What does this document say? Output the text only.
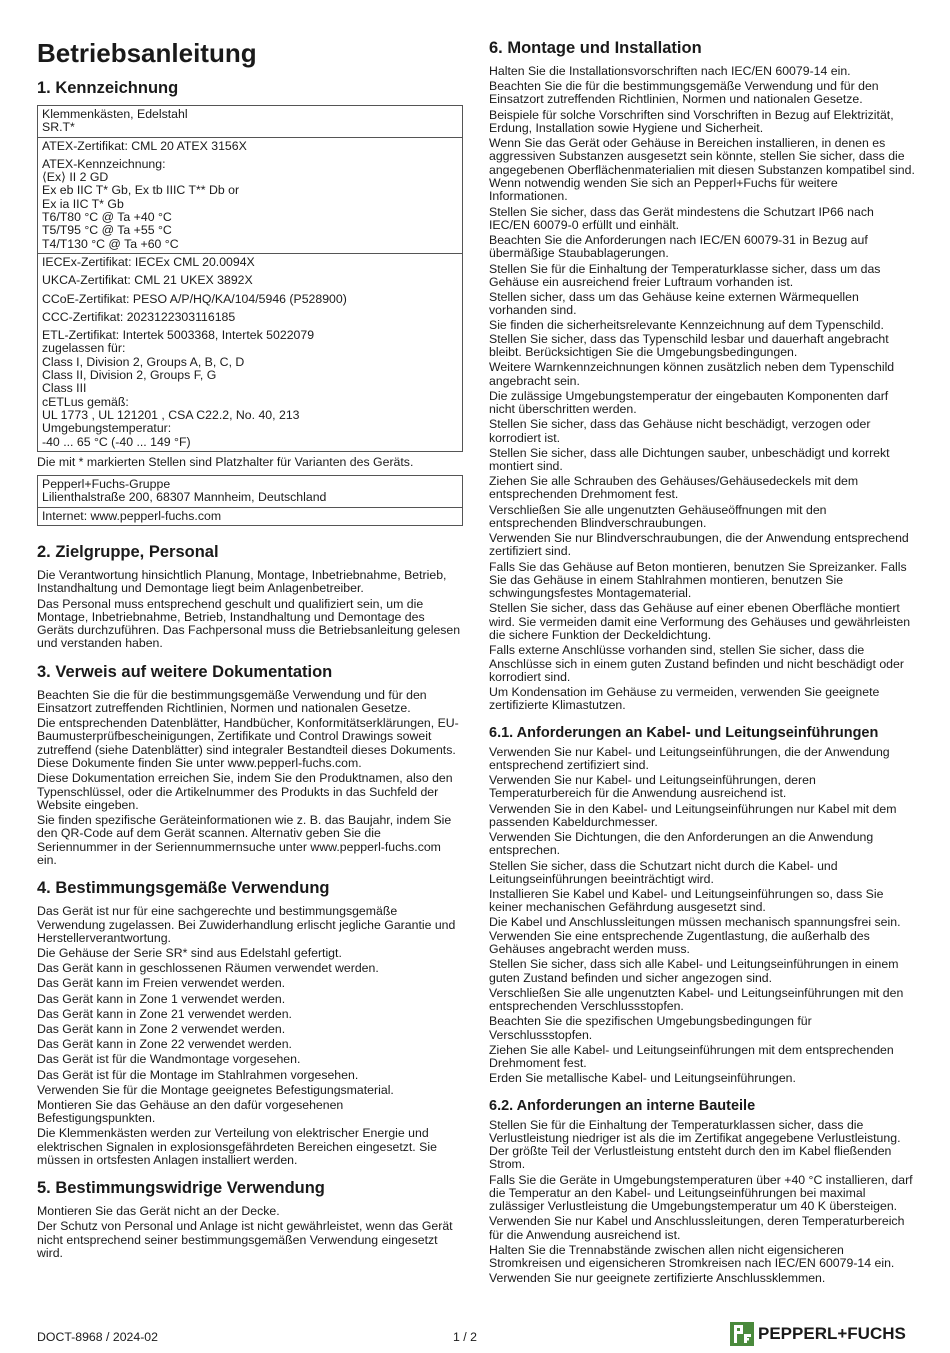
Betriebsanleitung
1. Kennzeichnung
Klemmenkästen, Edelstahl
SR.T*

ATEX-Zertifikat: CML 20 ATEX 3156X
ATEX-Kennzeichnung:
⟨Ex⟩ II 2 GD
Ex eb IIC T* Gb, Ex tb IIIC T** Db or
Ex ia IIC T* Gb
T6/T80 °C @ Ta +40 °C
T5/T95 °C @ Ta +55 °C
T4/T130 °C @ Ta +60 °C

IECEx-Zertifikat: IECEx CML 20.0094X
UKCA-Zertifikat: CML 21 UKEX 3892X
CCoE-Zertifikat: PESO A/P/HQ/KA/104/5946 (P528900)
CCC-Zertifikat: 2023122303116185
ETL-Zertifikat: Intertek 5003368, Intertek 5022079
zugelassen für:
Class I, Division 2, Groups A, B, C, D
Class II, Division 2, Groups F, G
Class III
cETLus gemäß:
UL 1773 , UL 121201 , CSA C22.2, No. 40, 213
Umgebungstemperatur:
-40 ... 65 °C (-40 ... 149 °F)
Die mit * markierten Stellen sind Platzhalter für Varianten des Geräts.
Pepperl+Fuchs-Gruppe
Lilienthalstraße 200, 68307 Mannheim, Deutschland

Internet: www.pepperl-fuchs.com
2. Zielgruppe, Personal

Die Verantwortung hinsichtlich Planung, Montage, Inbetriebnahme, Betrieb, Instandhaltung und Demontage liegt beim Anlagenbetreiber.

Das Personal muss entsprechend geschult und qualifiziert sein, um die Montage, Inbetriebnahme, Betrieb, Instandhaltung und Demontage des Geräts durchzuführen. Das Fachpersonal muss die Betriebsanleitung gelesen und verstanden haben.

3. Verweis auf weitere Dokumentation

Beachten Sie die für die bestimmungsgemäße Verwendung und für den Einsatzort zutreffenden Richtlinien, Normen und nationalen Gesetze.

Die entsprechenden Datenblätter, Handbücher, Konformitätserklärungen, EU-Baumusterprüfbescheinigungen, Zertifikate und Control Drawings soweit zutreffend (siehe Datenblätter) sind integraler Bestandteil dieses Dokuments. Diese Dokumente finden Sie unter www.pepperl-fuchs.com.

Diese Dokumentation erreichen Sie, indem Sie den Produktnamen, also den Typenschlüssel, oder die Artikelnummer des Produkts in das Suchfeld der Website eingeben.

Sie finden spezifische Geräteinformationen wie z. B. das Baujahr, indem Sie den QR-Code auf dem Gerät scannen. Alternativ geben Sie die Seriennummer in der Seriennummernsuche unter www.pepperl-fuchs.com ein.

4. Bestimmungsgemäße Verwendung

Das Gerät ist nur für eine sachgerechte und bestimmungsgemäße Verwendung zugelassen. Bei Zuwiderhandlung erlischt jegliche Garantie und Herstellerverantwortung.

Die Gehäuse der Serie SR* sind aus Edelstahl gefertigt.

Das Gerät kann in geschlossenen Räumen verwendet werden.

Das Gerät kann im Freien verwendet werden.

Das Gerät kann in Zone 1 verwendet werden.

Das Gerät kann in Zone 21 verwendet werden.

Das Gerät kann in Zone 2 verwendet werden.

Das Gerät kann in Zone 22 verwendet werden.

Das Gerät ist für die Wandmontage vorgesehen.

Das Gerät ist für die Montage im Stahlrahmen vorgesehen.

Verwenden Sie für die Montage geeignetes Befestigungsmaterial.

Montieren Sie das Gehäuse an den dafür vorgesehenen Befestigungspunkten.

Die Klemmenkästen werden zur Verteilung von elektrischer Energie und elektrischen Signalen in explosionsgefährdeten Bereichen eingesetzt. Sie müssen in ortsfesten Anlagen installiert werden.

5. Bestimmungswidrige Verwendung

Montieren Sie das Gerät nicht an der Decke.

Der Schutz von Personal und Anlage ist nicht gewährleistet, wenn das Gerät nicht entsprechend seiner bestimmungsgemäßen Verwendung eingesetzt wird.

6. Montage und Installation

Halten Sie die Installationsvorschriften nach IEC/EN 60079-14 ein.

Beachten Sie die für die bestimmungsgemäße Verwendung und für den Einsatzort zutreffenden Richtlinien, Normen und nationalen Gesetze.

Beispiele für solche Vorschriften sind Vorschriften in Bezug auf Elektrizität, Erdung, Installation sowie Hygiene und Sicherheit.

Wenn Sie das Gerät oder Gehäuse in Bereichen installieren, in denen es aggressiven Substanzen ausgesetzt sein könnte, stellen Sie sicher, dass die angegebenen Oberflächenmaterialien mit diesen Substanzen kompatibel sind. Wenn notwendig wenden Sie sich an Pepperl+Fuchs für weitere Informationen.

Stellen Sie sicher, dass das Gerät mindestens die Schutzart IP66 nach IEC/EN 60079-0 erfüllt und einhält.

Beachten Sie die Anforderungen nach IEC/EN 60079-31 in Bezug auf übermäßige Staubablagerungen.

Stellen Sie für die Einhaltung der Temperaturklasse sicher, dass um das Gehäuse ein ausreichend freier Luftraum vorhanden ist.

Stellen sicher, dass um das Gehäuse keine externen Wärmequellen vorhanden sind.

Sie finden die sicherheitsrelevante Kennzeichnung auf dem Typenschild. Stellen Sie sicher, dass das Typenschild lesbar und dauerhaft angebracht bleibt. Berücksichtigen Sie die Umgebungsbedingungen.

Weitere Warnkennzeichnungen können zusätzlich neben dem Typenschild angebracht sein.

Die zulässige Umgebungstemperatur der eingebauten Komponenten darf nicht überschritten werden.

Stellen Sie sicher, dass das Gehäuse nicht beschädigt, verzogen oder korrodiert ist.

Stellen Sie sicher, dass alle Dichtungen sauber, unbeschädigt und korrekt montiert sind.

Ziehen Sie alle Schrauben des Gehäuses/Gehäusedeckels mit dem entsprechenden Drehmoment fest.

Verschließen Sie alle ungenutzten Gehäuseöffnungen mit den entsprechenden Blindverschraubungen.

Verwenden Sie nur Blindverschraubungen, die der Anwendung entsprechend zertifiziert sind.

Falls Sie das Gehäuse auf Beton montieren, benutzen Sie Spreizanker. Falls Sie das Gehäuse in einem Stahlrahmen montieren, benutzen Sie schwingungsfestes Montagematerial.

Stellen Sie sicher, dass das Gehäuse auf einer ebenen Oberfläche montiert wird. Sie vermeiden damit eine Verformung des Gehäuses und gewährleisten die sichere Funktion der Deckeldichtung.

Falls externe Anschlüsse vorhanden sind, stellen Sie sicher, dass die Anschlüsse sich in einem guten Zustand befinden und nicht beschädigt oder korrodiert sind.

Um Kondensation im Gehäuse zu vermeiden, verwenden Sie geeignete zertifizierte Klimastutzen.

6.1. Anforderungen an Kabel- und Leitungseinführungen

Verwenden Sie nur Kabel- und Leitungseinführungen, die der Anwendung entsprechend zertifiziert sind.

Verwenden Sie nur Kabel- und Leitungseinführungen, deren Temperaturbereich für die Anwendung ausreichend ist.

Verwenden Sie in den Kabel- und Leitungseinführungen nur Kabel mit dem passenden Kabeldurchmesser.

Verwenden Sie Dichtungen, die den Anforderungen an die Anwendung entsprechen.

Stellen Sie sicher, dass die Schutzart nicht durch die Kabel- und Leitungseinführungen beeinträchtigt wird.

Installieren Sie Kabel und Kabel- und Leitungseinführungen so, dass Sie keiner mechanischen Gefährdung ausgesetzt sind.

Die Kabel und Anschlussleitungen müssen mechanisch spannungsfrei sein. Verwenden Sie eine entsprechende Zugentlastung, die außerhalb des Gehäuses angebracht werden muss.

Stellen Sie sicher, dass sich alle Kabel- und Leitungseinführungen in einem guten Zustand befinden und sicher angezogen sind.

Verschließen Sie alle ungenutzten Kabel- und Leitungseinführungen mit den entsprechenden Verschlussstopfen.

Beachten Sie die spezifischen Umgebungsbedingungen für Verschlussstopfen.

Ziehen Sie alle Kabel- und Leitungseinführungen mit dem entsprechenden Drehmoment fest.

Erden Sie metallische Kabel- und Leitungseinführungen.

6.2. Anforderungen an interne Bauteile

Stellen Sie für die Einhaltung der Temperaturklassen sicher, dass die Verlustleistung niedriger ist als die im Zertifikat angegebene Verlustleistung. Der größte Teil der Verlustleistung entsteht durch den im Kabel fließenden Strom.

Falls Sie die Geräte in Umgebungstemperaturen über +40 °C installieren, darf die Temperatur an den Kabel- und Leitungseinführungen bei maximal zulässiger Verlustleistung die Umgebungstemperatur um 40 K übersteigen.

Verwenden Sie nur Kabel und Anschlussleitungen, deren Temperaturbereich für die Anwendung ausreichend ist.

Halten Sie die Trennabstände zwischen allen nicht eigensicheren Stromkreisen und eigensicheren Stromkreisen nach IEC/EN 60079-14 ein.

Verwenden Sie nur geeignete zertifizierte Anschlussklemmen.

DOCT-8968 / 2024-02	1 / 2	PEPPERL+FUCHS
